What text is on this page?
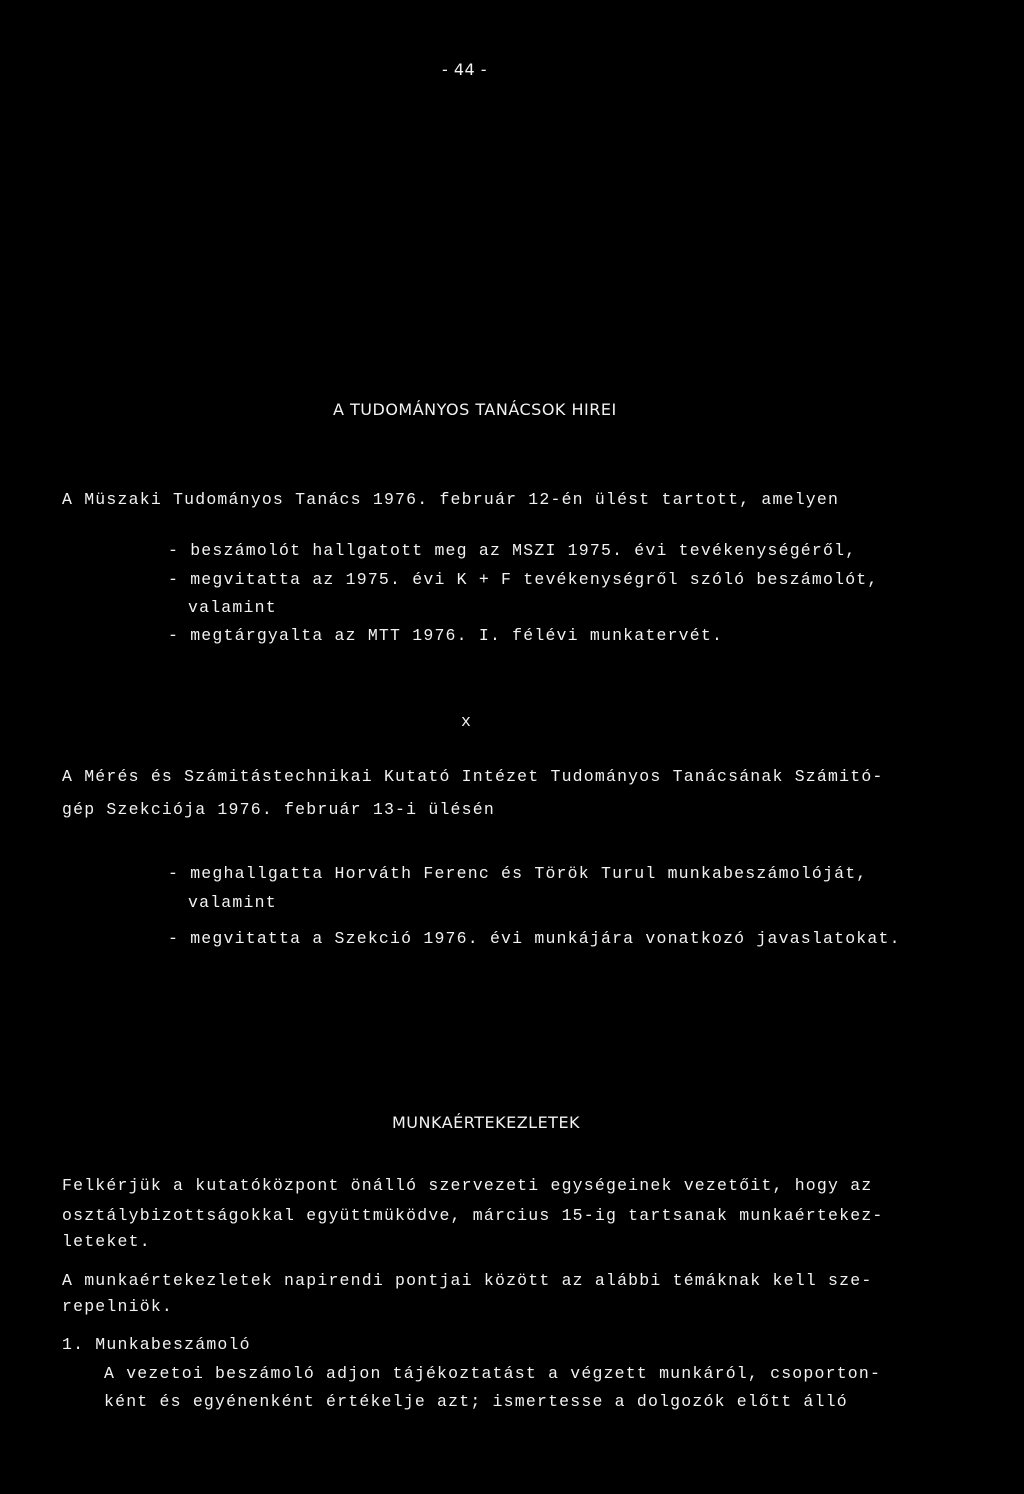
- 44 -
A TUDOMÁNYOS TANÁCSOK HIREI
A Müszaki Tudományos Tanács 1976. február 12-én ülést tartott, amelyen
- beszámolót hallgatott meg az MSZI 1975. évi tevékenységéről,
- megvitatta az 1975. évi K + F tevékenységről szóló beszámolót,
valamint
- megtárgyalta az MTT 1976. I. félévi munkatervét.
x
A Mérés és Számitástechnikai Kutató Intézet Tudományos Tanácsának Számitó-
gép Szekciója 1976. február 13-i ülésén
- meghallgatta Horváth Ferenc és Török Turul munkabeszámolóját,
valamint
- megvitatta a Szekció 1976. évi munkájára vonatkozó javaslatokat.
MUNKAÉRTEKEZLETEK
Felkérjük a kutatóközpont önálló szervezeti egységeinek vezetőit, hogy az
osztálybizottságokkal együttmüködve, március 15-ig tartsanak munkaértekez-
leteket.
A munkaértekezletek napirendi pontjai között az alábbi témáknak kell sze-
repelniök.
1. Munkabeszámoló
A vezetoi beszámoló adjon tájékoztatást a végzett munkáról, csoporton-
ként és egyénenként értékelje azt; ismertesse a dolgozók előtt álló
